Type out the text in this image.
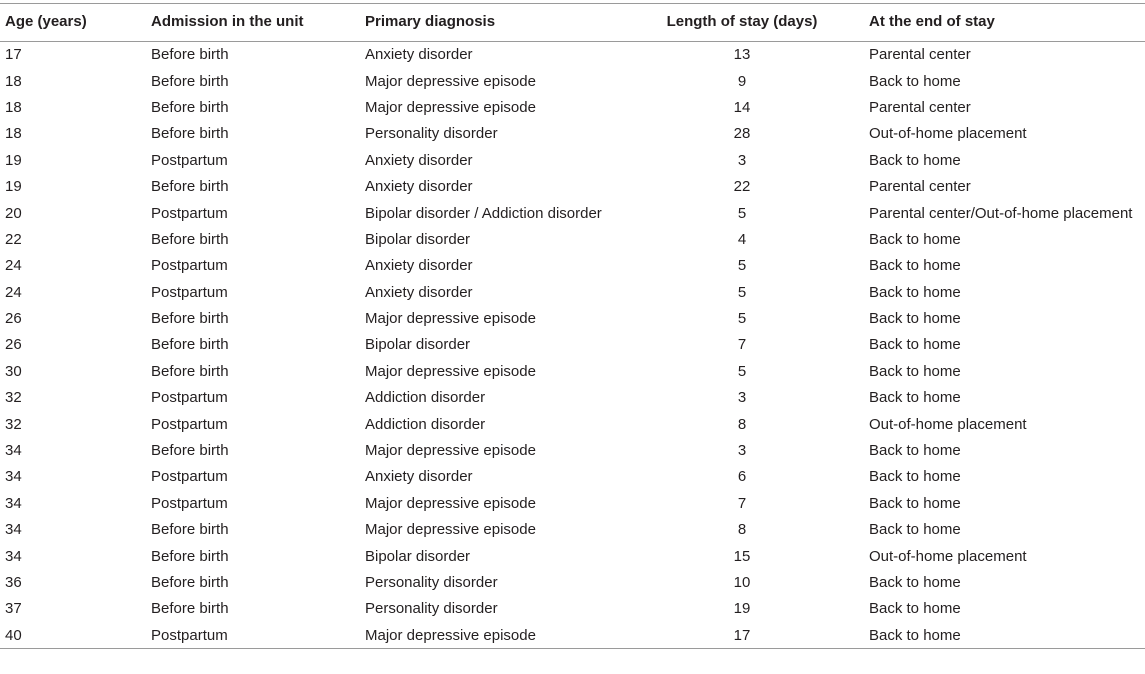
Age (years)	Admission in the unit	Primary diagnosis	Length of stay (days)	At the end of stay
17	Before birth	Anxiety disorder	13	Parental center
18	Before birth	Major depressive episode	9	Back to home
18	Before birth	Major depressive episode	14	Parental center
18	Before birth	Personality disorder	28	Out-of-home placement
19	Postpartum	Anxiety disorder	3	Back to home
19	Before birth	Anxiety disorder	22	Parental center
20	Postpartum	Bipolar disorder / Addiction disorder	5	Parental center/Out-of-home placement
22	Before birth	Bipolar disorder	4	Back to home
24	Postpartum	Anxiety disorder	5	Back to home
24	Postpartum	Anxiety disorder	5	Back to home
26	Before birth	Major depressive episode	5	Back to home
26	Before birth	Bipolar disorder	7	Back to home
30	Before birth	Major depressive episode	5	Back to home
32	Postpartum	Addiction disorder	3	Back to home
32	Postpartum	Addiction disorder	8	Out-of-home placement
34	Before birth	Major depressive episode	3	Back to home
34	Postpartum	Anxiety disorder	6	Back to home
34	Postpartum	Major depressive episode	7	Back to home
34	Before birth	Major depressive episode	8	Back to home
34	Before birth	Bipolar disorder	15	Out-of-home placement
36	Before birth	Personality disorder	10	Back to home
37	Before birth	Personality disorder	19	Back to home
40	Postpartum	Major depressive episode	17	Back to home
